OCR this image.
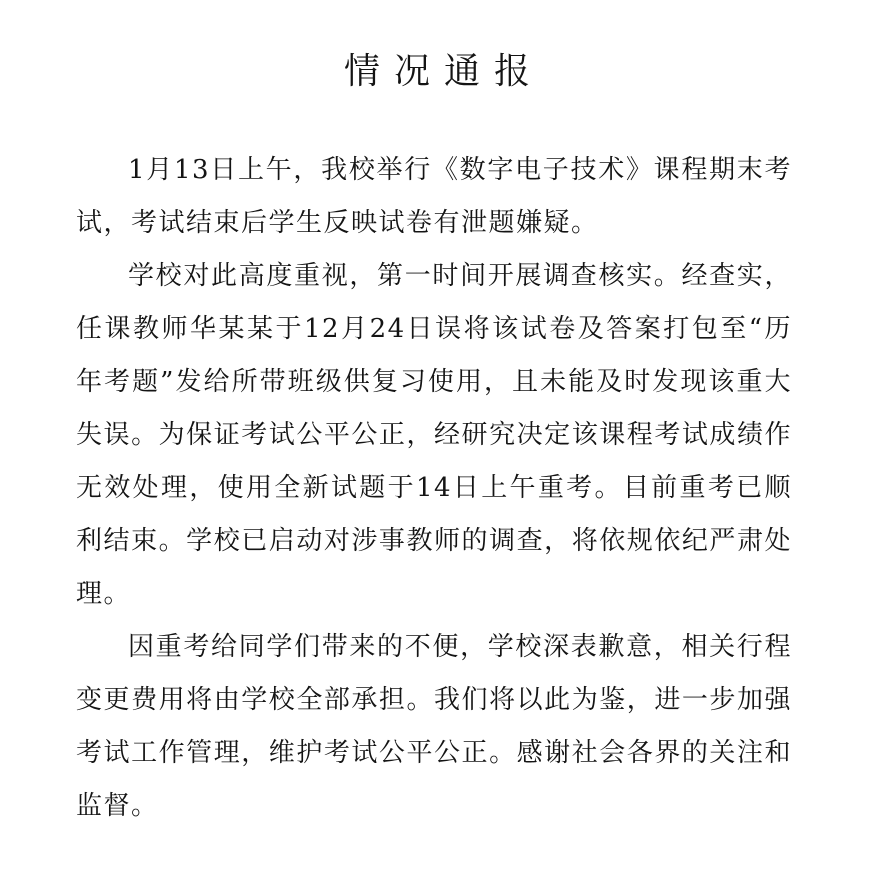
情况通报

1月13日上午，我校举行《数字电子技术》课程期末考试，考试结束后学生反映试卷有泄题嫌疑。

学校对此高度重视，第一时间开展调查核实。经查实，任课教师华某某于12月24日误将该试卷及答案打包至“历年考题”发给所带班级供复习使用，且未能及时发现该重大失误。为保证考试公平公正，经研究决定该课程考试成绩作无效处理，使用全新试题于14日上午重考。目前重考已顺利结束。学校已启动对涉事教师的调查，将依规依纪严肃处理。

因重考给同学们带来的不便，学校深表歉意，相关行程变更费用将由学校全部承担。我们将以此为鉴，进一步加强考试工作管理，维护考试公平公正。感谢社会各界的关注和监督。
